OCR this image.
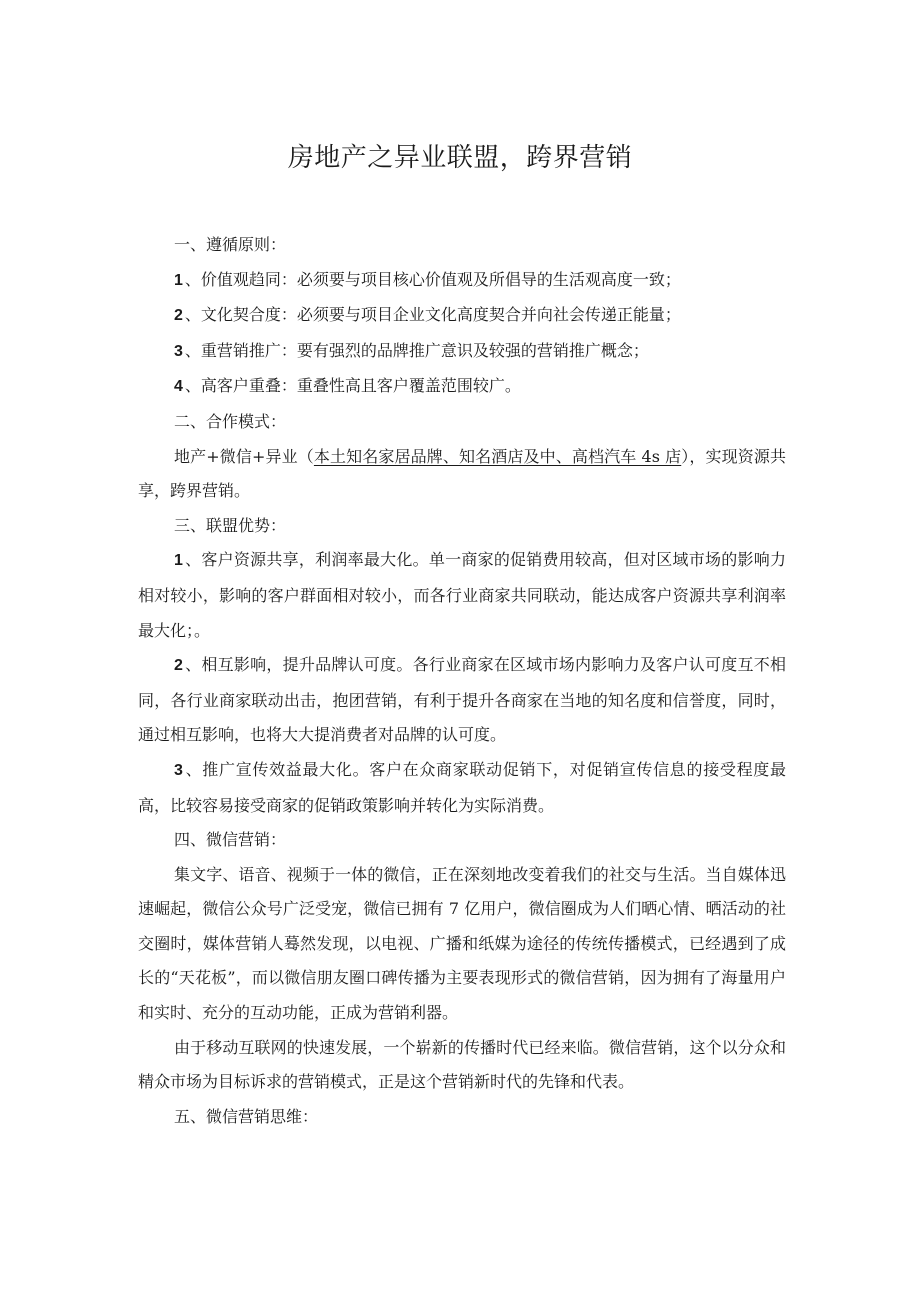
房地产之异业联盟，跨界营销

一、遵循原则：

1 、价值观趋同：必须要与项目核心价值观及所倡导的生活观高度一致；

2 、文化契合度：必须要与项目企业文化高度契合并向社会传递正能量；

3 、重营销推广：要有强烈的品牌推广意识及较强的营销推广概念；

4 、高客户重叠：重叠性高且客户覆盖范围较广。

二、合作模式：

地产+微信+异业（本土知名家居品牌、知名酒店及中、高档汽车 4s 店），实现资源共享，跨界营销。

三、联盟优势：

1 、客户资源共享，利润率最大化。单一商家的促销费用较高，但对区域市场的影响力相对较小，影响的客户群面相对较小，而各行业商家共同联动，能达成客户资源共享利润率最大化；。

2 、相互影响，提升品牌认可度。各行业商家在区域市场内影响力及客户认可度互不相同，各行业商家联动出击，抱团营销，有利于提升各商家在当地的知名度和信誉度，同时，通过相互影响，也将大大提消费者对品牌的认可度。

3 、推广宣传效益最大化。客户在众商家联动促销下，对促销宣传信息的接受程度最高，比较容易接受商家的促销政策影响并转化为实际消费。

四、微信营销：

集文字、语音、视频于一体的微信，正在深刻地改变着我们的社交与生活。当自媒体迅速崛起，微信公众号广泛受宠，微信已拥有 7 亿用户，微信圈成为人们晒心情、晒活动的社交圈时，媒体营销人蓦然发现，以电视、广播和纸媒为途径的传统传播模式，已经遇到了成长的“天花板”，而以微信朋友圈口碑传播为主要表现形式的微信营销，因为拥有了海量用户和实时、充分的互动功能，正成为营销利器。

由于移动互联网的快速发展，一个崭新的传播时代已经来临。微信营销，这个以分众和精众市场为目标诉求的营销模式，正是这个营销新时代的先锋和代表。

五、微信营销思维：
